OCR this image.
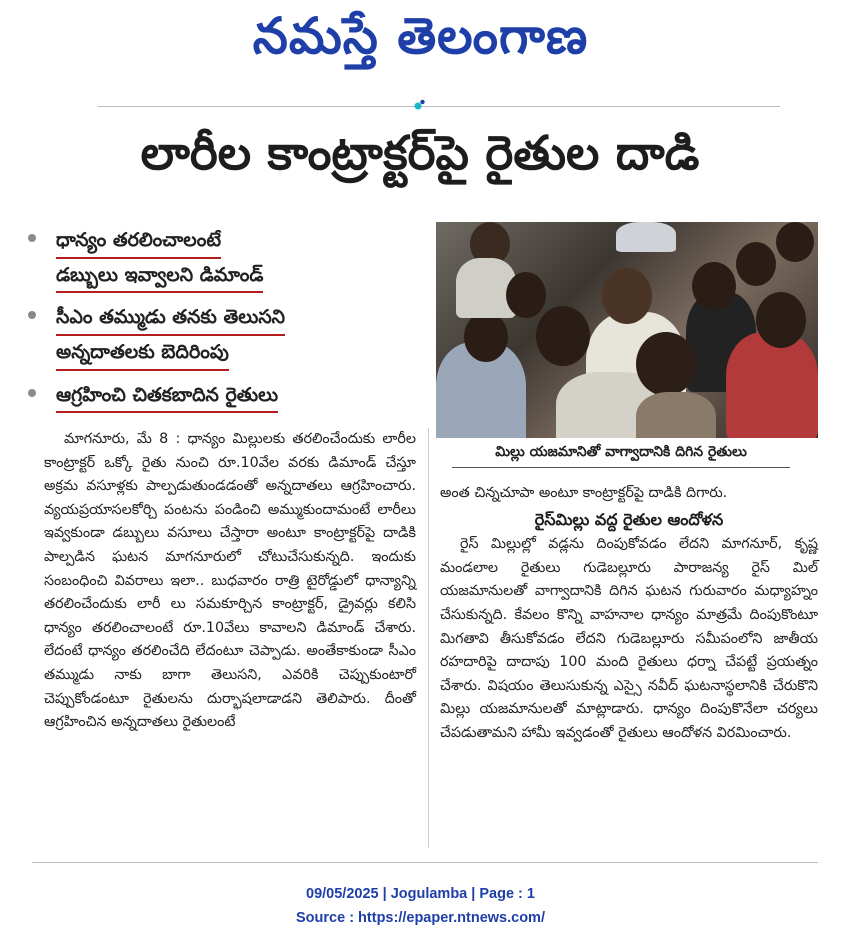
నమస్తే తెలంగాణ
లారీల కాంట్రాక్టర్‌పై రైతుల దాడి
ధాన్యం తరలించాలంటే
డబ్బులు ఇవ్వాలని డిమాండ్
సీఎం తమ్ముడు తనకు తెలుసని
అన్నదాతలకు బెదిరింపు
ఆగ్రహించి చితకబాదిన రైతులు
మిల్లు యజమానితో వాగ్వాదానికి దిగిన రైతులు

మాగనూరు, మే 8 : ధాన్యం మిల్లులకు తరలించేందుకు లారీల కాంట్రాక్టర్ ఒక్కో రైతు నుంచి రూ.10వేల వరకు డిమాండ్ చేస్తూ అక్రమ వసూళ్లకు పాల్పడుతుండడంతో అన్నదాతలు ఆగ్రహించారు. వ్యయప్రయాసలకోర్చి పంటను పండించి అమ్ముకుందామంటే లారీలు ఇవ్వకుండా డబ్బులు వసూలు చేస్తారా అంటూ కాంట్రాక్టర్‌పై దాడికి పాల్పడిన ఘటన మాగనూరులో చోటుచేసుకున్నది. ఇందుకు సంబంధించి వివరాలు ఇలా.. బుధవారం రాత్రి టైరోడ్డులో ధాన్యాన్ని తరలించేందుకు లారీ లు సమకూర్చిన కాంట్రాక్టర్, డ్రైవర్లు కలిసి ధాన్యం తరలించాలంటే రూ.10వేలు కావాలని డిమాండ్ చేశారు. లేదంటే ధాన్యం తరలించేది లేదంటూ చెప్పాడు. అంతేకాకుండా సీఎం తమ్ముడు నాకు బాగా తెలుసని, ఎవరికి చెప్పుకుంటారో చెప్పుకోండంటూ రైతులను దుర్భాషలాడాడని తెలిపారు. దీంతో ఆగ్రహించిన అన్నదాతలు రైతులంటే

అంత చిన్నచూపా అంటూ కాంట్రాక్టర్‌పై దాడికి దిగారు.

రైస్‌మిల్లు వద్ద రైతుల ఆందోళన

రైస్ మిల్లుల్లో వడ్లను దింపుకోవడం లేదని మాగనూర్, కృష్ణ మండలాల రైతులు గుడెబల్లూరు పారాజన్య రైస్ మిల్ యజమానులతో వాగ్వాదానికి దిగిన ఘటన గురువారం మధ్యాహ్నం చేసుకున్నది. కేవలం కొన్ని వాహనాల ధాన్యం మాత్రమే దింపుకొంటూ మిగతావి తీసుకోవడం లేదని గుడెబల్లూరు సమీపంలోని జాతీయ రహదారిపై దాదాపు 100 మంది రైతులు ధర్నా చేపట్టే ప్రయత్నం చేశారు. విషయం తెలుసుకున్న ఎస్సై నవీద్ ఘటనాస్థలానికి చేరుకొని మిల్లు యజమానులతో మాట్లాడారు. ధాన్యం దింపుకొనేలా చర్యలు చేపడుతామని హామీ ఇవ్వడంతో రైతులు ఆందోళన విరమించారు.

09/05/2025 | Jogulamba | Page : 1
Source : https://epaper.ntnews.com/
